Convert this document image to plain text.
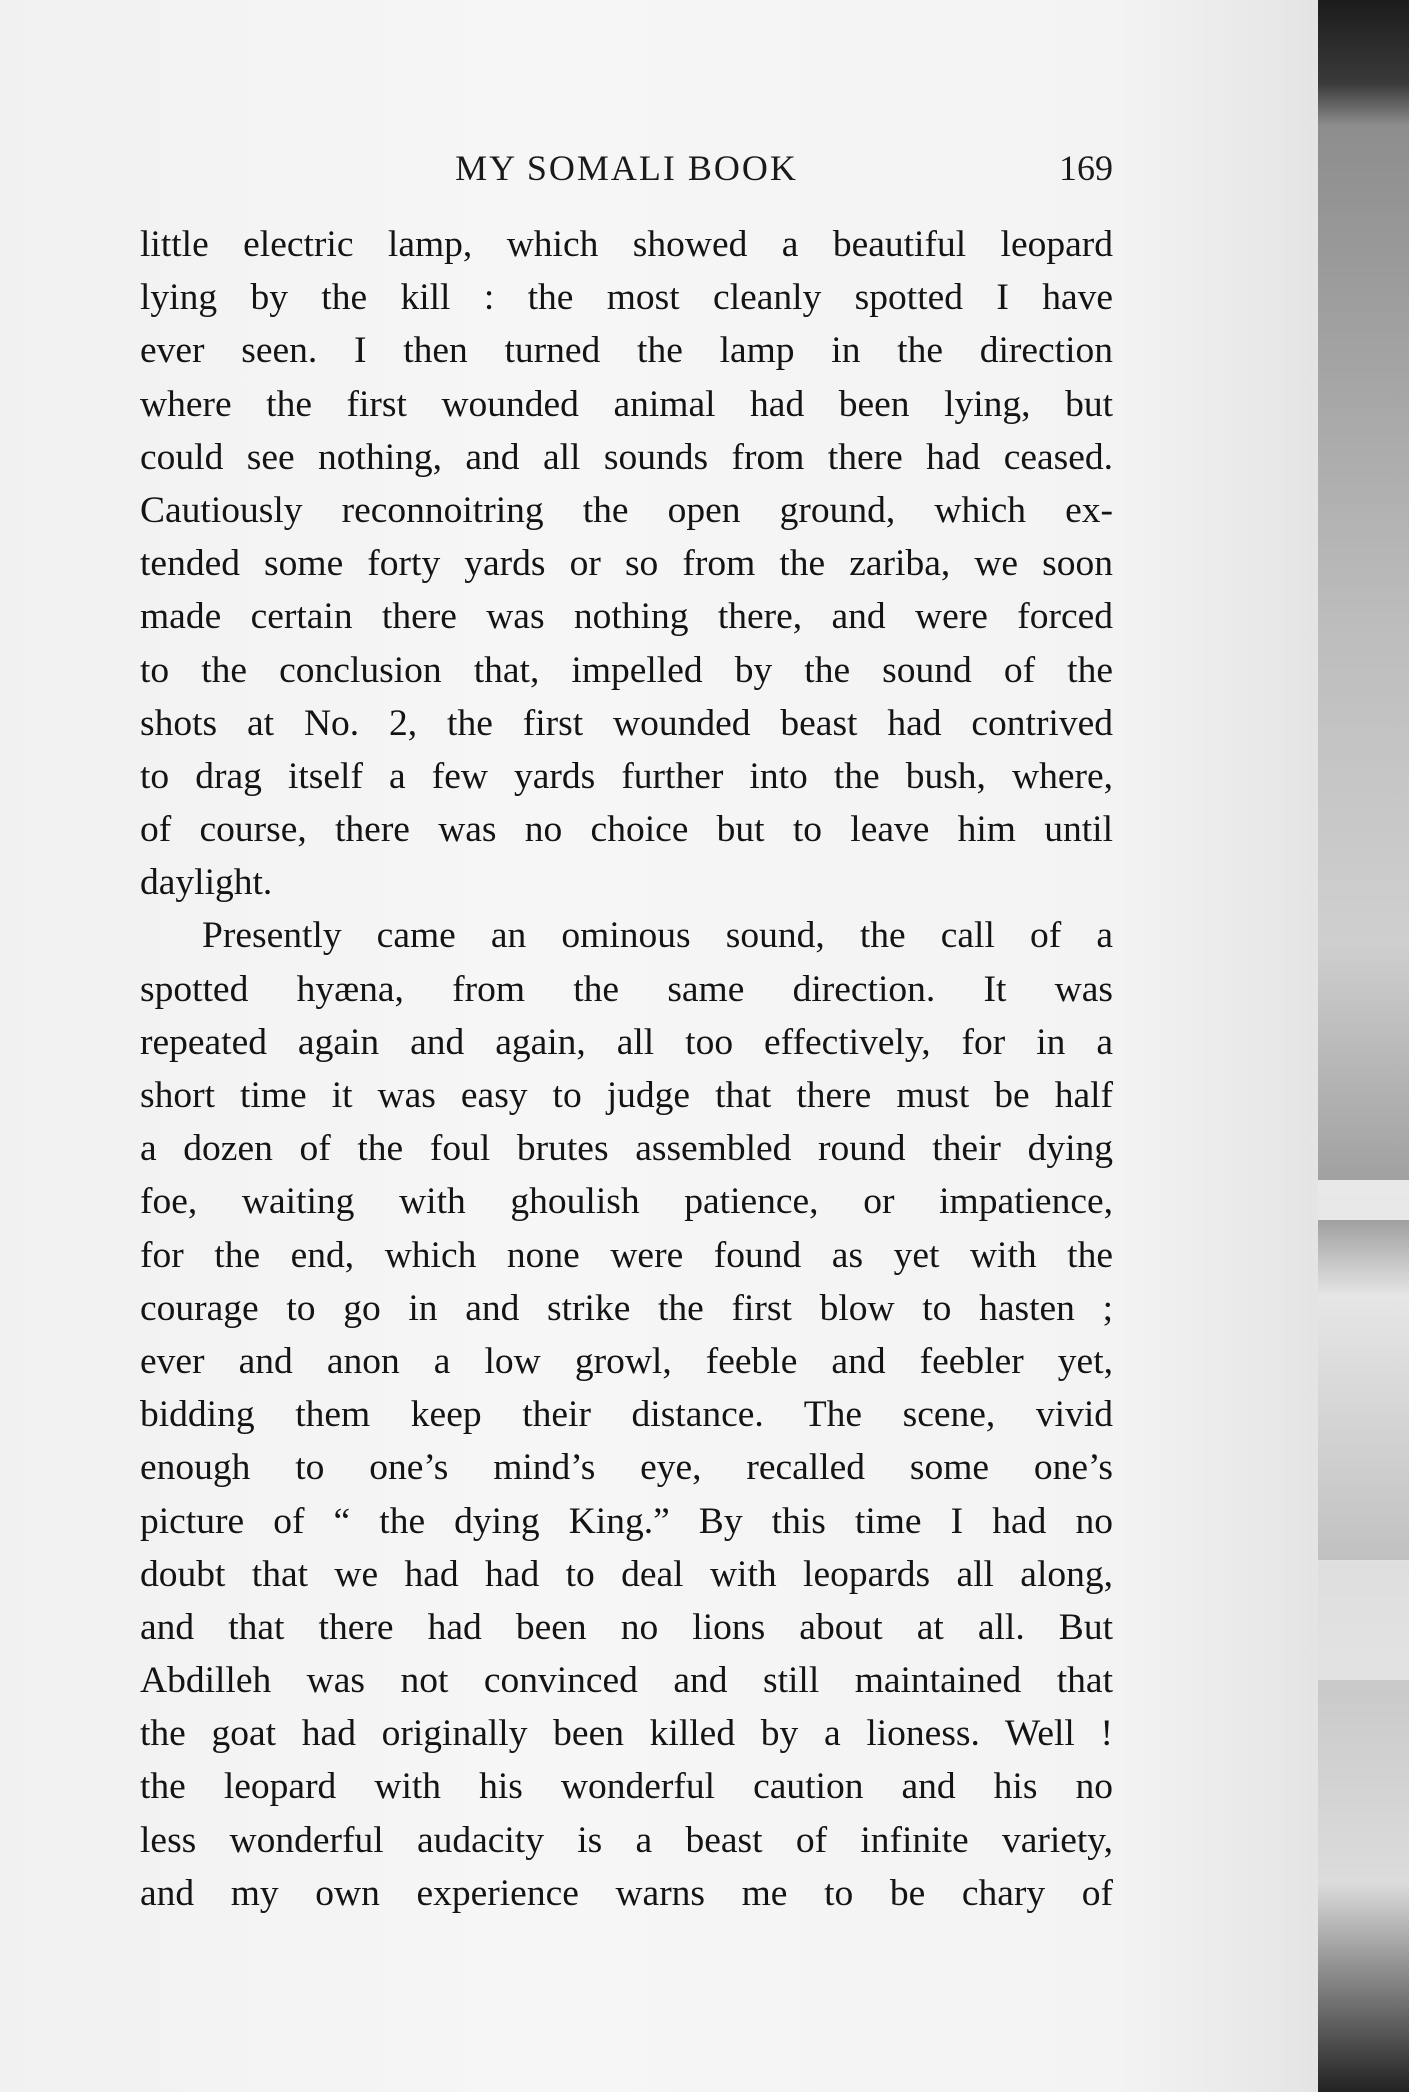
MY SOMALI BOOK	169
little electric lamp, which showed a beautiful leopard
lying by the kill : the most cleanly spotted I have
ever seen. I then turned the lamp in the direction
where the first wounded animal had been lying, but
could see nothing, and all sounds from there had ceased.
Cautiously reconnoitring the open ground, which ex-
tended some forty yards or so from the zariba, we soon
made certain there was nothing there, and were forced
to the conclusion that, impelled by the sound of the
shots at No. 2, the first wounded beast had contrived
to drag itself a few yards further into the bush, where,
of course, there was no choice but to leave him until
daylight.
Presently came an ominous sound, the call of a
spotted hyæna, from the same direction. It was
repeated again and again, all too effectively, for in a
short time it was easy to judge that there must be half
a dozen of the foul brutes assembled round their dying
foe, waiting with ghoulish patience, or impatience,
for the end, which none were found as yet with the
courage to go in and strike the first blow to hasten ;
ever and anon a low growl, feeble and feebler yet,
bidding them keep their distance. The scene, vivid
enough to one’s mind’s eye, recalled some one’s
picture of “ the dying King.” By this time I had no
doubt that we had had to deal with leopards all along,
and that there had been no lions about at all. But
Abdilleh was not convinced and still maintained that
the goat had originally been killed by a lioness. Well !
the leopard with his wonderful caution and his no
less wonderful audacity is a beast of infinite variety,
and my own experience warns me to be chary of
